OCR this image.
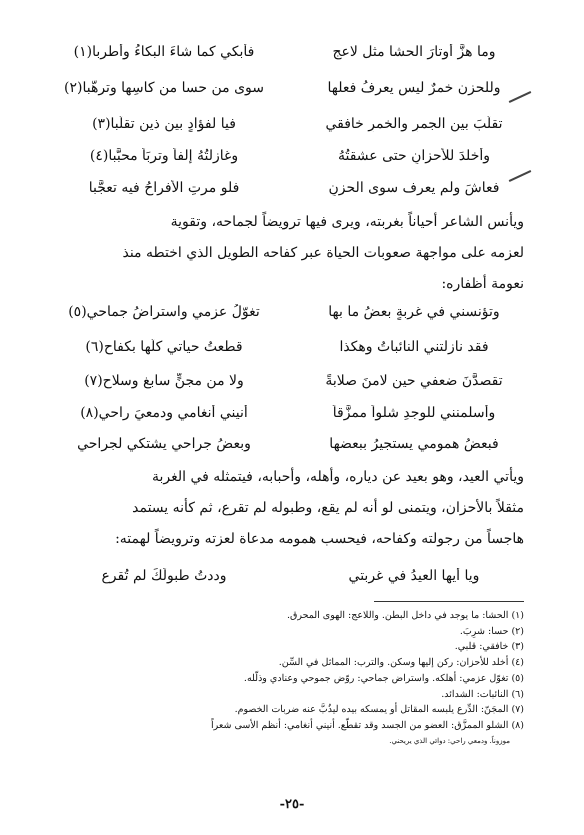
وما هزَّ أوتارَ الحشا مثل لاعجٍ
فأبكي كما شاءَ البكاءُ وأطربا(١)
وللحزن خمرٌ ليس يعرفُ فعلها
سوى من حسا من كاسِها وترهَّبا(٢)
تقلَّبَ بين الجمرِ والخمرِ خافقي
فيا لفؤادٍ بين ذينِ تقلَّبا(٣)
وأخلدَ للأحزانِ حتى عشقتُهُ
وغازلتُهُ إلفاً وتربَاً محبَّبا(٤)
فعاشَ ولم يعرف سوى الحزنِ
فلو مرتِ الأفراحُ فيه تعجَّبا

ويأنس الشاعر أحياناً بغربته، ويرى فيها ترويضاً لجماحه، وتقوية

لعزمه على مواجهة صعوبات الحياة عبر كفاحه الطويل الذي اختطه منذ

نعومة أظفاره:

وتؤنسني في غربةٍ بعضُ ما بها
تغوّلُ عزمي واستراضُ جماحي(٥)
فقد نازلتني النائباتُ وهكذا
قطعتُ حياتي كلَّها بكفاحِ(٦)
تقصدَّنَ ضعفي حين لامنَ صلابةً
ولا من مجنٍّ سابغٍ وسلاحِ(٧)
وأسلمنني للوجدِ شلواً ممزَّقاً
أنيني أنغامي ودمعيَ راحي(٨)
فبعضُ همومي يستجيرُ ببعضها
وبعضُ جراحي يشتكي لجراحي

ويأتي العيد، وهو بعيد عن دياره، وأهله، وأحبابه، فيتمثله في الغربة

مثقلاً بالأحزان، ويتمنى لو أنه لم يقع، وطبوله لم تقرع، ثم كأنه يستمد

هاجساً من رجولته وكفاحه، فيحسب همومه مدعاة لعزته وترويضاً لهمته:

ويا أيها العيدُ في غربتي
وددتُ طبولَكَ لم تُقرعِ
(١) الحشا: ما يوجد في داخل البطن. واللاعج: الهوى المحرق.
(٢) حسا: شرِبَ.
(٣) خافقي: قلبي.
(٤) أخلد للأحزان: ركن إليها وسكن. والترب: المماثل في السِّن.
(٥) تغوّل عزمي: أهلكه. واستراض جماحي: روّض جموحي وعنادي وذلّله.
(٦) النائبات: الشدائد.
(٧) المجَنّ: الدِّرع يلبسه المقاتل أو يمسكه بيده ليذُبَّ عنه ضربات الخصوم.
(٨) الشلو الممزَّق: العضو من الجسد وقد تقطّع. أنيني أنغامي: أنظم الأسى شعراً
موزوناً. ودمعي راحي: دوائي الذي يريحني.
-٢٥-
